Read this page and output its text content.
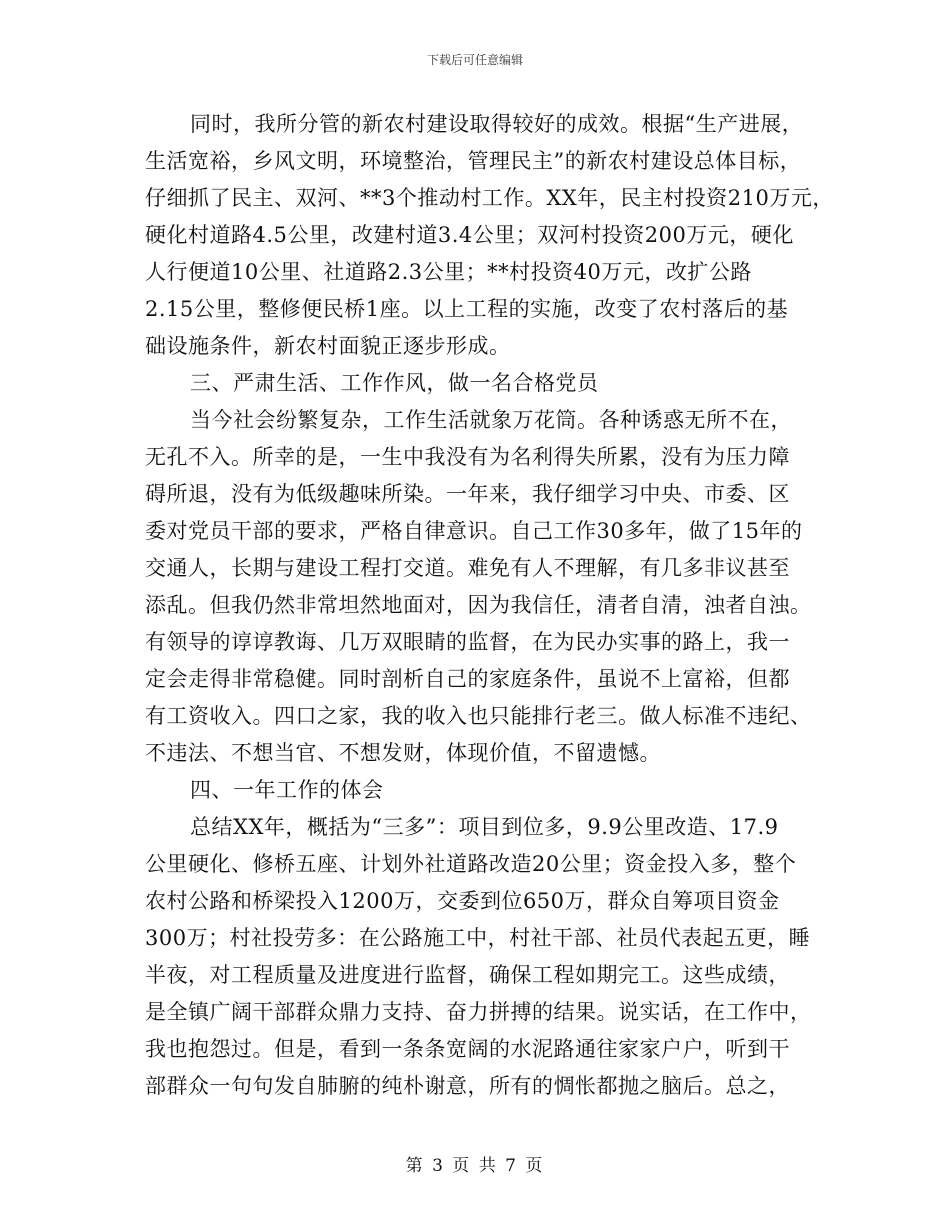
下载后可任意编辑
同时，我所分管的新农村建设取得较好的成效。根据“生产进展，
生活宽裕，乡风文明，环境整治，管理民主”的新农村建设总体目标，
仔细抓了民主、双河、**3个推动村工作。XX年，民主村投资210万元，
硬化村道路4.5公里，改建村道3.4公里；双河村投资200万元，硬化
人行便道10公里、社道路2.3公里；**村投资40万元，改扩公路
2.15公里，整修便民桥1座。以上工程的实施，改变了农村落后的基
础设施条件，新农村面貌正逐步形成。
三、严肃生活、工作作风，做一名合格党员
当今社会纷繁复杂，工作生活就象万花筒。各种诱惑无所不在，
无孔不入。所幸的是，一生中我没有为名利得失所累，没有为压力障
碍所退，没有为低级趣味所染。一年来，我仔细学习中央、市委、区
委对党员干部的要求，严格自律意识。自己工作30多年，做了15年的
交通人，长期与建设工程打交道。难免有人不理解，有几多非议甚至
添乱。但我仍然非常坦然地面对，因为我信任，清者自清，浊者自浊。
有领导的谆谆教诲、几万双眼睛的监督，在为民办实事的路上，我一
定会走得非常稳健。同时剖析自己的家庭条件，虽说不上富裕，但都
有工资收入。四口之家，我的收入也只能排行老三。做人标准不违纪、
不违法、不想当官、不想发财，体现价值，不留遗憾。
四、一年工作的体会
总结XX年，概括为“三多”：项目到位多，9.9公里改造、17.9
公里硬化、修桥五座、计划外社道路改造20公里；资金投入多，整个
农村公路和桥梁投入1200万，交委到位650万，群众自筹项目资金
300万；村社投劳多：在公路施工中，村社干部、社员代表起五更，睡
半夜，对工程质量及进度进行监督，确保工程如期完工。这些成绩，
是全镇广阔干部群众鼎力支持、奋力拼搏的结果。说实话，在工作中，
我也抱怨过。但是，看到一条条宽阔的水泥路通往家家户户，听到干
部群众一句句发自肺腑的纯朴谢意，所有的惆怅都抛之脑后。总之，
第 3 页 共 7 页
